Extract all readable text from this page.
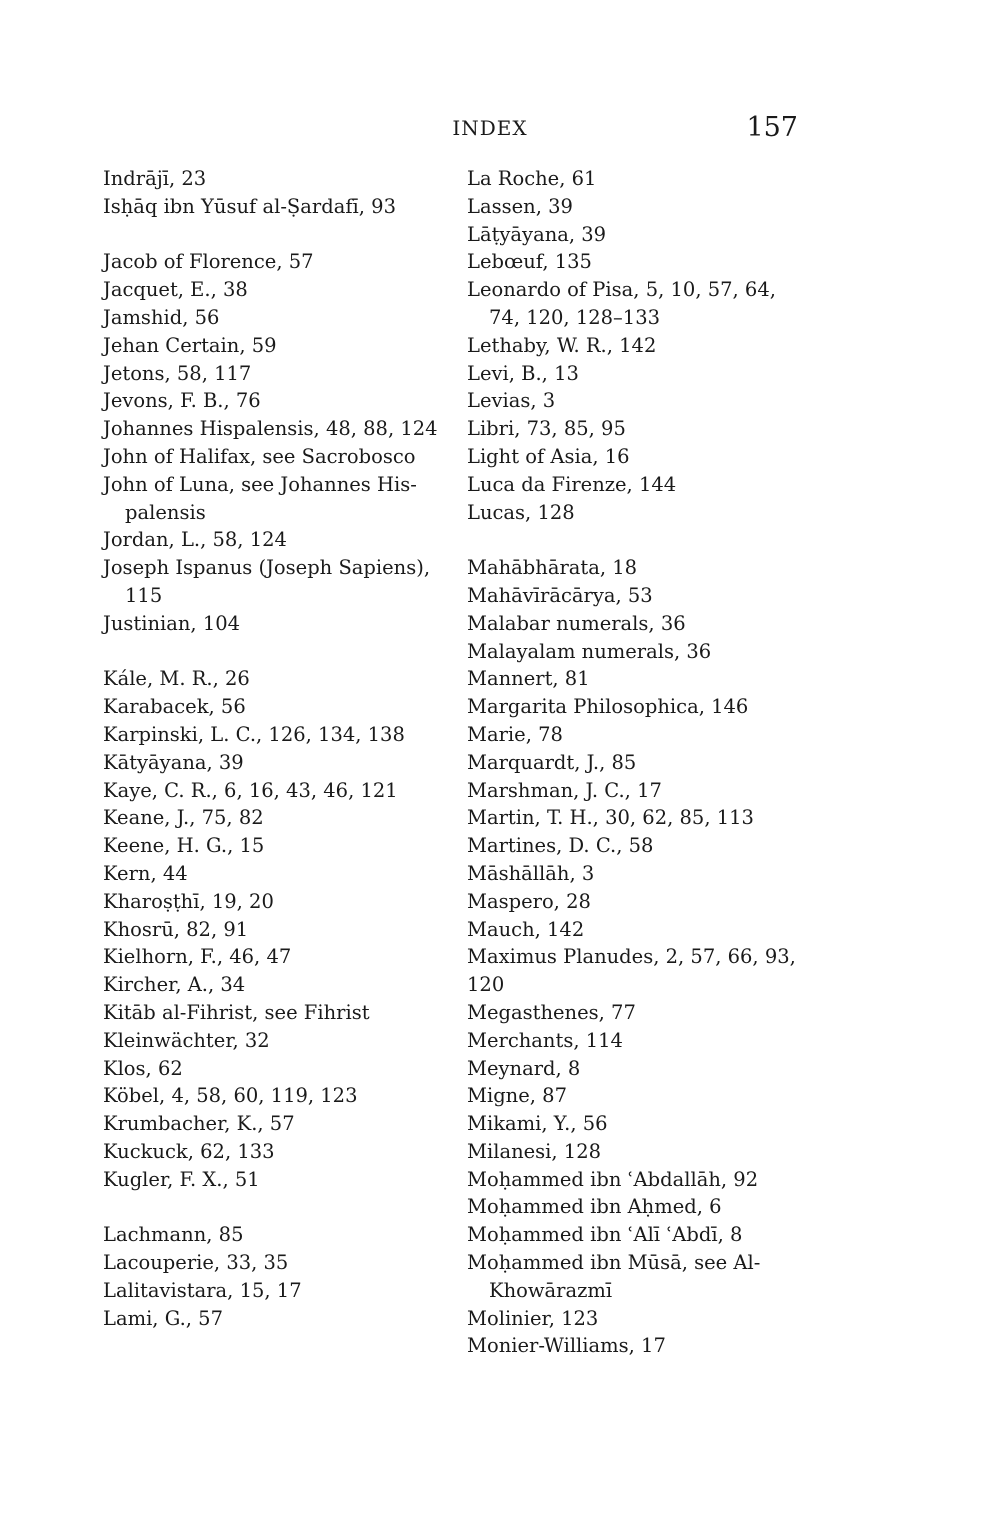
INDEX	157
Indrājī, 23
Isḥāq ibn Yūsuf al-Ṣardafī, 93
Jacob of Florence, 57
Jacquet, E., 38
Jamshid, 56
Jehan Certain, 59
Jetons, 58, 117
Jevons, F. B., 76
Johannes Hispalensis, 48, 88, 124
John of Halifax, see Sacrobosco
John of Luna, see Johannes His-
palensis
Jordan, L., 58, 124
Joseph Ispanus (Joseph Sapiens),
115
Justinian, 104
Kále, M. R., 26
Karabacek, 56
Karpinski, L. C., 126, 134, 138
Kātyāyana, 39
Kaye, C. R., 6, 16, 43, 46, 121
Keane, J., 75, 82
Keene, H. G., 15
Kern, 44
Kharoṣṭhī, 19, 20
Khosrū, 82, 91
Kielhorn, F., 46, 47
Kircher, A., 34
Kitāb al-Fihrist, see Fihrist
Kleinwächter, 32
Klos, 62
Köbel, 4, 58, 60, 119, 123
Krumbacher, K., 57
Kuckuck, 62, 133
Kugler, F. X., 51
Lachmann, 85
Lacouperie, 33, 35
Lalitavistara, 15, 17
Lami, G., 57
La Roche, 61
Lassen, 39
Lāṭyāyana, 39
Lebœuf, 135
Leonardo of Pisa, 5, 10, 57, 64,
74, 120, 128–133
Lethaby, W. R., 142
Levi, B., 13
Levias, 3
Libri, 73, 85, 95
Light of Asia, 16
Luca da Firenze, 144
Lucas, 128
Mahābhārata, 18
Mahāvīrācārya, 53
Malabar numerals, 36
Malayalam numerals, 36
Mannert, 81
Margarita Philosophica, 146
Marie, 78
Marquardt, J., 85
Marshman, J. C., 17
Martin, T. H., 30, 62, 85, 113
Martines, D. C., 58
Māshāllāh, 3
Maspero, 28
Mauch, 142
Maximus Planudes, 2, 57, 66, 93, 120
Megasthenes, 77
Merchants, 114
Meynard, 8
Migne, 87
Mikami, Y., 56
Milanesi, 128
Moḥammed ibn ʿAbdallāh, 92
Moḥammed ibn Aḥmed, 6
Moḥammed ibn ʿAlī ʿAbdī, 8
Moḥammed ibn Mūsā, see Al-
Khowārazmī
Molinier, 123
Monier-Williams, 17
